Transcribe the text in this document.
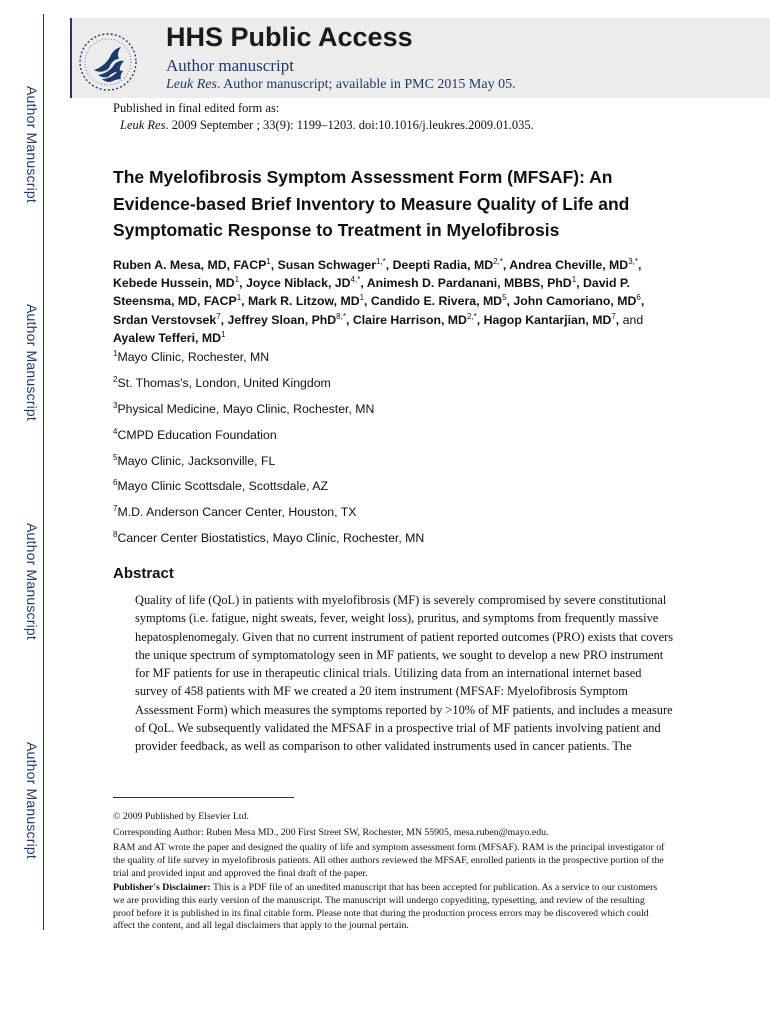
Author Manuscript
Author Manuscript
Author Manuscript
Author Manuscript
HHS Public Access
Author manuscript
Leuk Res. Author manuscript; available in PMC 2015 May 05.
Published in final edited form as:
Leuk Res. 2009 September ; 33(9): 1199–1203. doi:10.1016/j.leukres.2009.01.035.
The Myelofibrosis Symptom Assessment Form (MFSAF): An Evidence-based Brief Inventory to Measure Quality of Life and Symptomatic Response to Treatment in Myelofibrosis
Ruben A. Mesa, MD, FACP$^1$, Susan Schwager$^{1,*}$, Deepti Radia, $MD^{2,*}$, Andrea Cheville, $MD^{3,*}$, Kebede Hussein, $MD^1$, Joyce Niblack, $JD^{4,*}$, Animesh D. Pardanani, MBBS, PhD$^1$, David P. Steensma, MD, FACP$^1$, Mark R. Litzow, $MD^1$, Candido E. Rivera, $MD^5$, John Camoriano, $MD^6$, Srdan Verstovsek$^7$, Jeffrey Sloan, PhD$^{8,*}$, Claire Harrison, $MD^{2,*}$, Hagop Kantarjian, $MD^7$, and Ayalew Tefferi, $MD^1$
$^1$Mayo Clinic, Rochester, MN
$^2$St. Thomas's, London, United Kingdom
$^3$Physical Medicine, Mayo Clinic, Rochester, MN
$^4$CMPD Education Foundation
$^5$Mayo Clinic, Jacksonville, FL
$^6$Mayo Clinic Scottsdale, Scottsdale, AZ
$^7$M.D. Anderson Cancer Center, Houston, TX
$^8$Cancer Center Biostatistics, Mayo Clinic, Rochester, MN
Abstract
Quality of life (QoL) in patients with myelofibrosis (MF) is severely compromised by severe constitutional symptoms (i.e. fatigue, night sweats, fever, weight loss), pruritus, and symptoms from frequently massive hepatosplenomegaly. Given that no current instrument of patient reported outcomes (PRO) exists that covers the unique spectrum of symptomatology seen in MF patients, we sought to develop a new PRO instrument for MF patients for use in therapeutic clinical trials. Utilizing data from an international internet based survey of 458 patients with MF we created a 20 item instrument (MFSAF: Myelofibrosis Symptom Assessment Form) which measures the symptoms reported by >10% of MF patients, and includes a measure of QoL. We subsequently validated the MFSAF in a prospective trial of MF patients involving patient and provider feedback, as well as comparison to other validated instruments used in cancer patients. The
© 2009 Published by Elsevier Ltd.
Corresponding Author: Ruben Mesa MD., 200 First Street SW, Rochester, MN 55905, mesa.ruben@mayo.edu.
RAM and AT wrote the paper and designed the quality of life and symptom assessment form (MFSAF). RAM is the principal investigator of the quality of life survey in myelofibrosis patients. All other authors reviewed the MFSAF, enrolled patients in the prospective portion of the trial and provided input and approved the final draft of the paper.
Publisher's Disclaimer: This is a PDF file of an unedited manuscript that has been accepted for publication. As a service to our customers we are providing this early version of the manuscript. The manuscript will undergo copyediting, typesetting, and review of the resulting proof before it is published in its final citable form. Please note that during the production process errors may be discovered which could affect the content, and all legal disclaimers that apply to the journal pertain.
